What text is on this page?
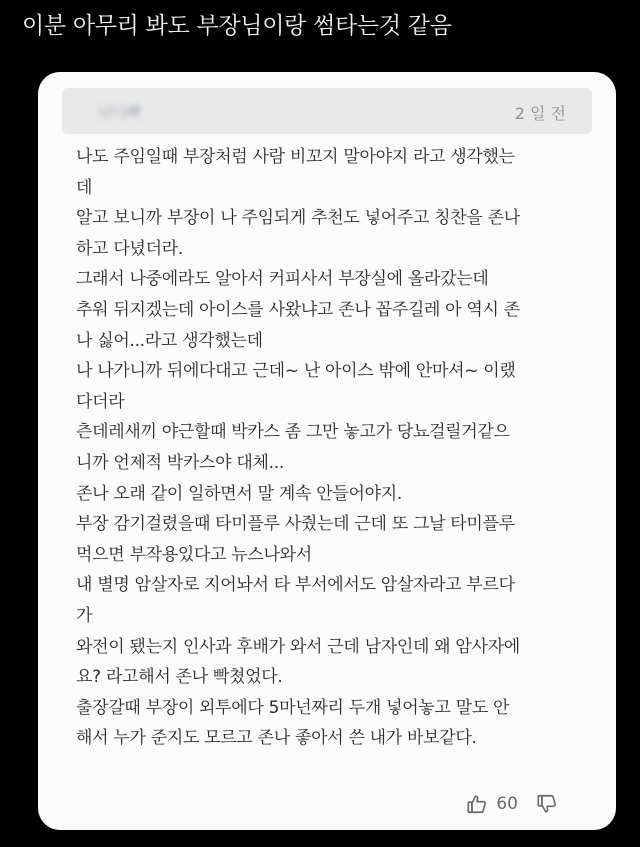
이분 아무리 봐도 부장님이랑 썸타는것 같음
닌니빠	2 일 전
나도 주임일때 부장처럼 사람 비꼬지 말아야지 라고 생각했는
데
알고 보니까 부장이 나 주임되게 추천도 넣어주고 칭찬을 존나
하고 다녔더라.
그래서 나중에라도 알아서 커피사서 부장실에 올라갔는데
추워 뒤지겠는데 아이스를 사왔냐고 존나 꼽주길레 아 역시 존
나 싫어...라고 생각했는데
나 나가니까 뒤에다대고 근데~ 난 아이스 밖에 안마셔~ 이랬
다더라
츤데레새끼 야근할때 박카스 좀 그만 놓고가 당뇨걸릴거같으
니까 언제적 박카스야 대체...
존나 오래 같이 일하면서 말 계속 안들어야지.
부장 감기걸렸을때 타미플루 사줬는데 근데 또 그날 타미플루
먹으면 부작용있다고 뉴스나와서
내 별명 암살자로 지어놔서 타 부서에서도 암살자라고 부르다
가
와전이 됐는지 인사과 후배가 와서 근데 남자인데 왜 암사자에
요? 라고해서 존나 빡쳤었다.
출장갈때 부장이 외투에다 5마넌짜리 두개 넣어놓고 말도 안
해서 누가 준지도 모르고 존나 좋아서 쓴 내가 바보같다.
60
